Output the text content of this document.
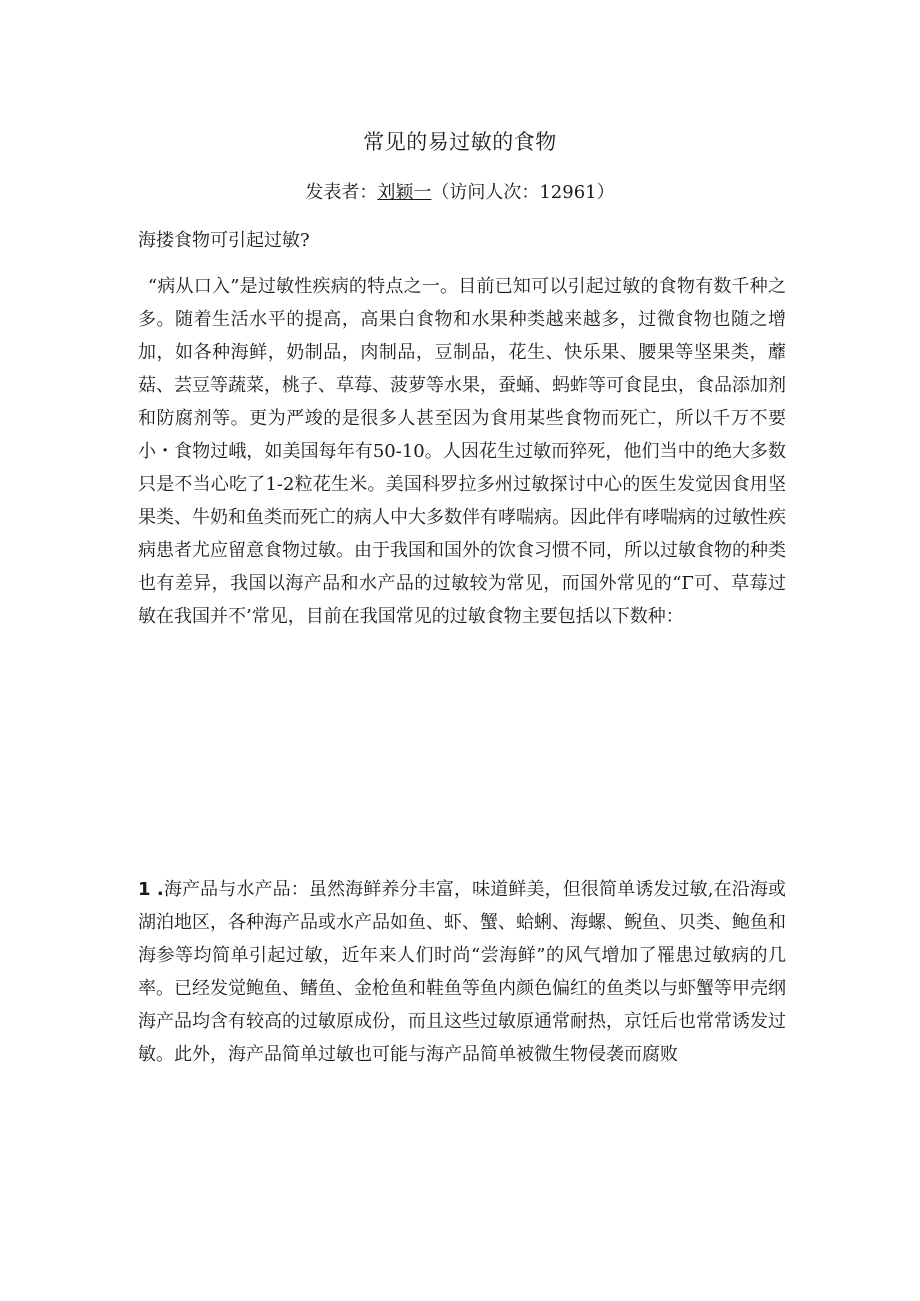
常见的易过敏的食物
发表者：刘颖一（访问人次：12961）

海搂食物可引起过敏?

“病从口入”是过敏性疾病的特点之一。目前已知可以引起过敏的食物有数千种之多。随着生活水平的提高，高果白食物和水果种类越来越多，过微食物也随之增加，如各种海鲜，奶制品，肉制品，豆制品，花生、快乐果、腰果等坚果类，蘼菇、芸豆等蔬菜，桃子、草莓、菠萝等水果，蚕蛹、蚂蚱等可食昆虫，食品添加剂和防腐剂等。更为严竣的是很多人甚至因为食用某些食物而死亡，所以千万不要小・食物过峨，如美国每年有50-10。人因花生过敏而猝死，他们当中的绝大多数只是不当心吃了1-2粒花生米。美国科罗拉多州过敏探讨中心的医生发觉因食用坚果类、牛奶和鱼类而死亡的病人中大多数伴有哮喘病。因此伴有哮喘病的过敏性疾病患者尤应留意食物过敏。由于我国和国外的饮食习惯不同，所以过敏食物的种类也有差异，我国以海产品和水产品的过敏较为常见，而国外常见的“Γ可、草莓过敏在我国并不’常见，目前在我国常见的过敏食物主要包括以下数种：

1 .海产品与水产品：虽然海鲜养分丰富，味道鲜美，但很简单诱发过敏,在沿海或湖泊地区，各种海产品或水产品如鱼、虾、蟹、蛤蜊、海螺、鲵鱼、贝类、鲍鱼和海参等均简单引起过敏，近年来人们时尚“尝海鲜”的风气增加了罹患过敏病的几率。已经发觉鲍鱼、鳍鱼、金枪鱼和鞋鱼等鱼内颜色偏红的鱼类以与虾蟹等甲壳纲海产品均含有较高的过敏原成份，而且这些过敏原通常耐热，京饪后也常常诱发过敏。此外，海产品简单过敏也可能与海产品简单被微生物侵袭而腐败
